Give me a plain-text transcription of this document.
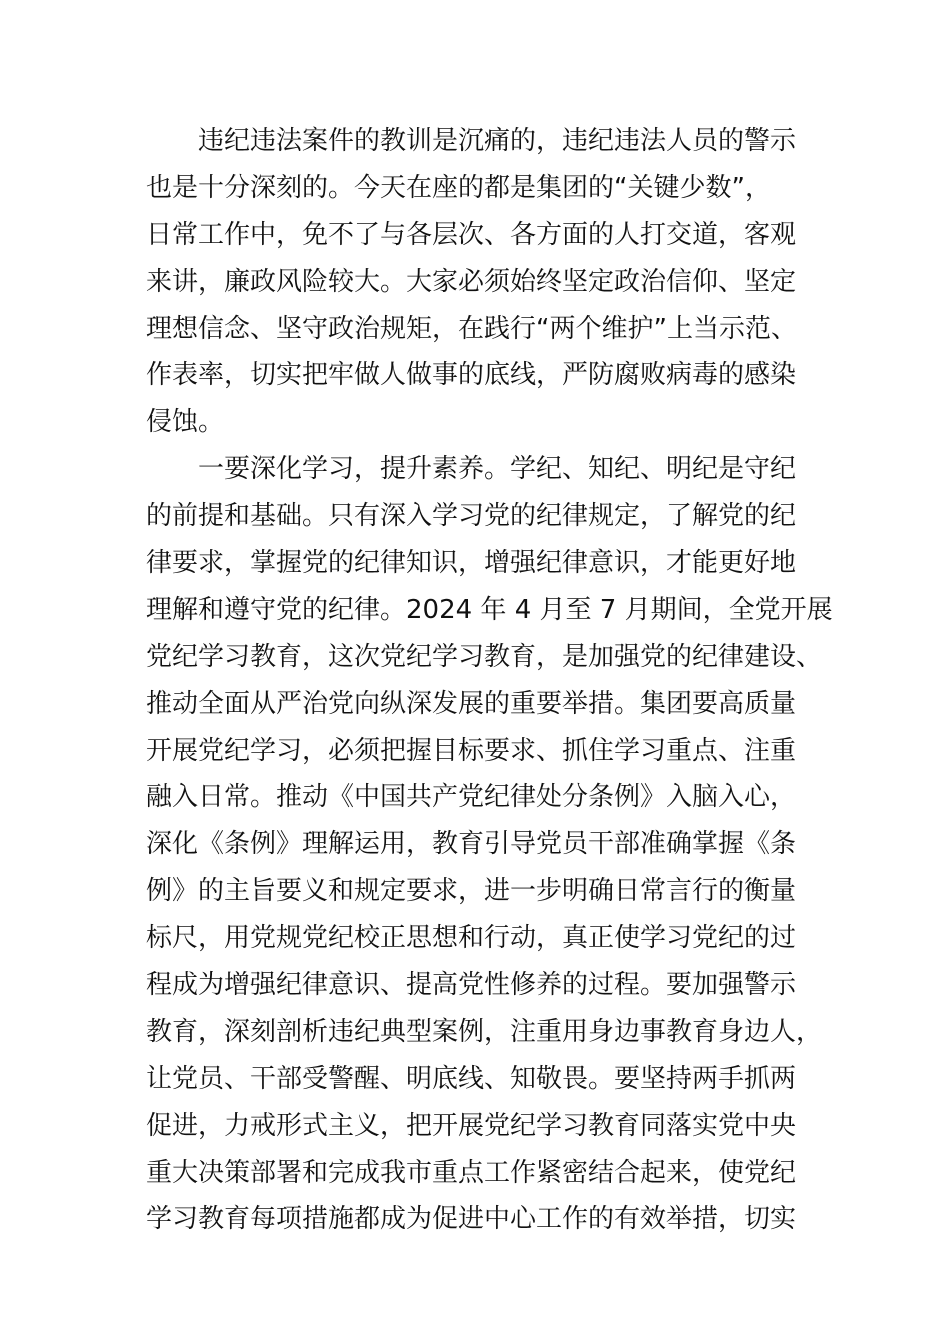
违纪违法案件的教训是沉痛的，违纪违法人员的警示
也是十分深刻的。今天在座的都是集团的“关键少数”，
日常工作中，免不了与各层次、各方面的人打交道，客观
来讲，廉政风险较大。大家必须始终坚定政治信仰、坚定
理想信念、坚守政治规矩，在践行“两个维护”上当示范、
作表率，切实把牢做人做事的底线，严防腐败病毒的感染
侵蚀。
一要深化学习，提升素养。学纪、知纪、明纪是守纪
的前提和基础。只有深入学习党的纪律规定，了解党的纪
律要求，掌握党的纪律知识，增强纪律意识，才能更好地
理解和遵守党的纪律。2024 年 4 月至 7 月期间，全党开展
党纪学习教育，这次党纪学习教育，是加强党的纪律建设、
推动全面从严治党向纵深发展的重要举措。集团要高质量
开展党纪学习，必须把握目标要求、抓住学习重点、注重
融入日常。推动《中国共产党纪律处分条例》入脑入心，
深化《条例》理解运用，教育引导党员干部准确掌握《条
例》的主旨要义和规定要求，进一步明确日常言行的衡量
标尺，用党规党纪校正思想和行动，真正使学习党纪的过
程成为增强纪律意识、提高党性修养的过程。要加强警示
教育，深刻剖析违纪典型案例，注重用身边事教育身边人，
让党员、干部受警醒、明底线、知敬畏。要坚持两手抓两
促进，力戒形式主义，把开展党纪学习教育同落实党中央
重大决策部署和完成我市重点工作紧密结合起来，使党纪
学习教育每项措施都成为促进中心工作的有效举措，切实
